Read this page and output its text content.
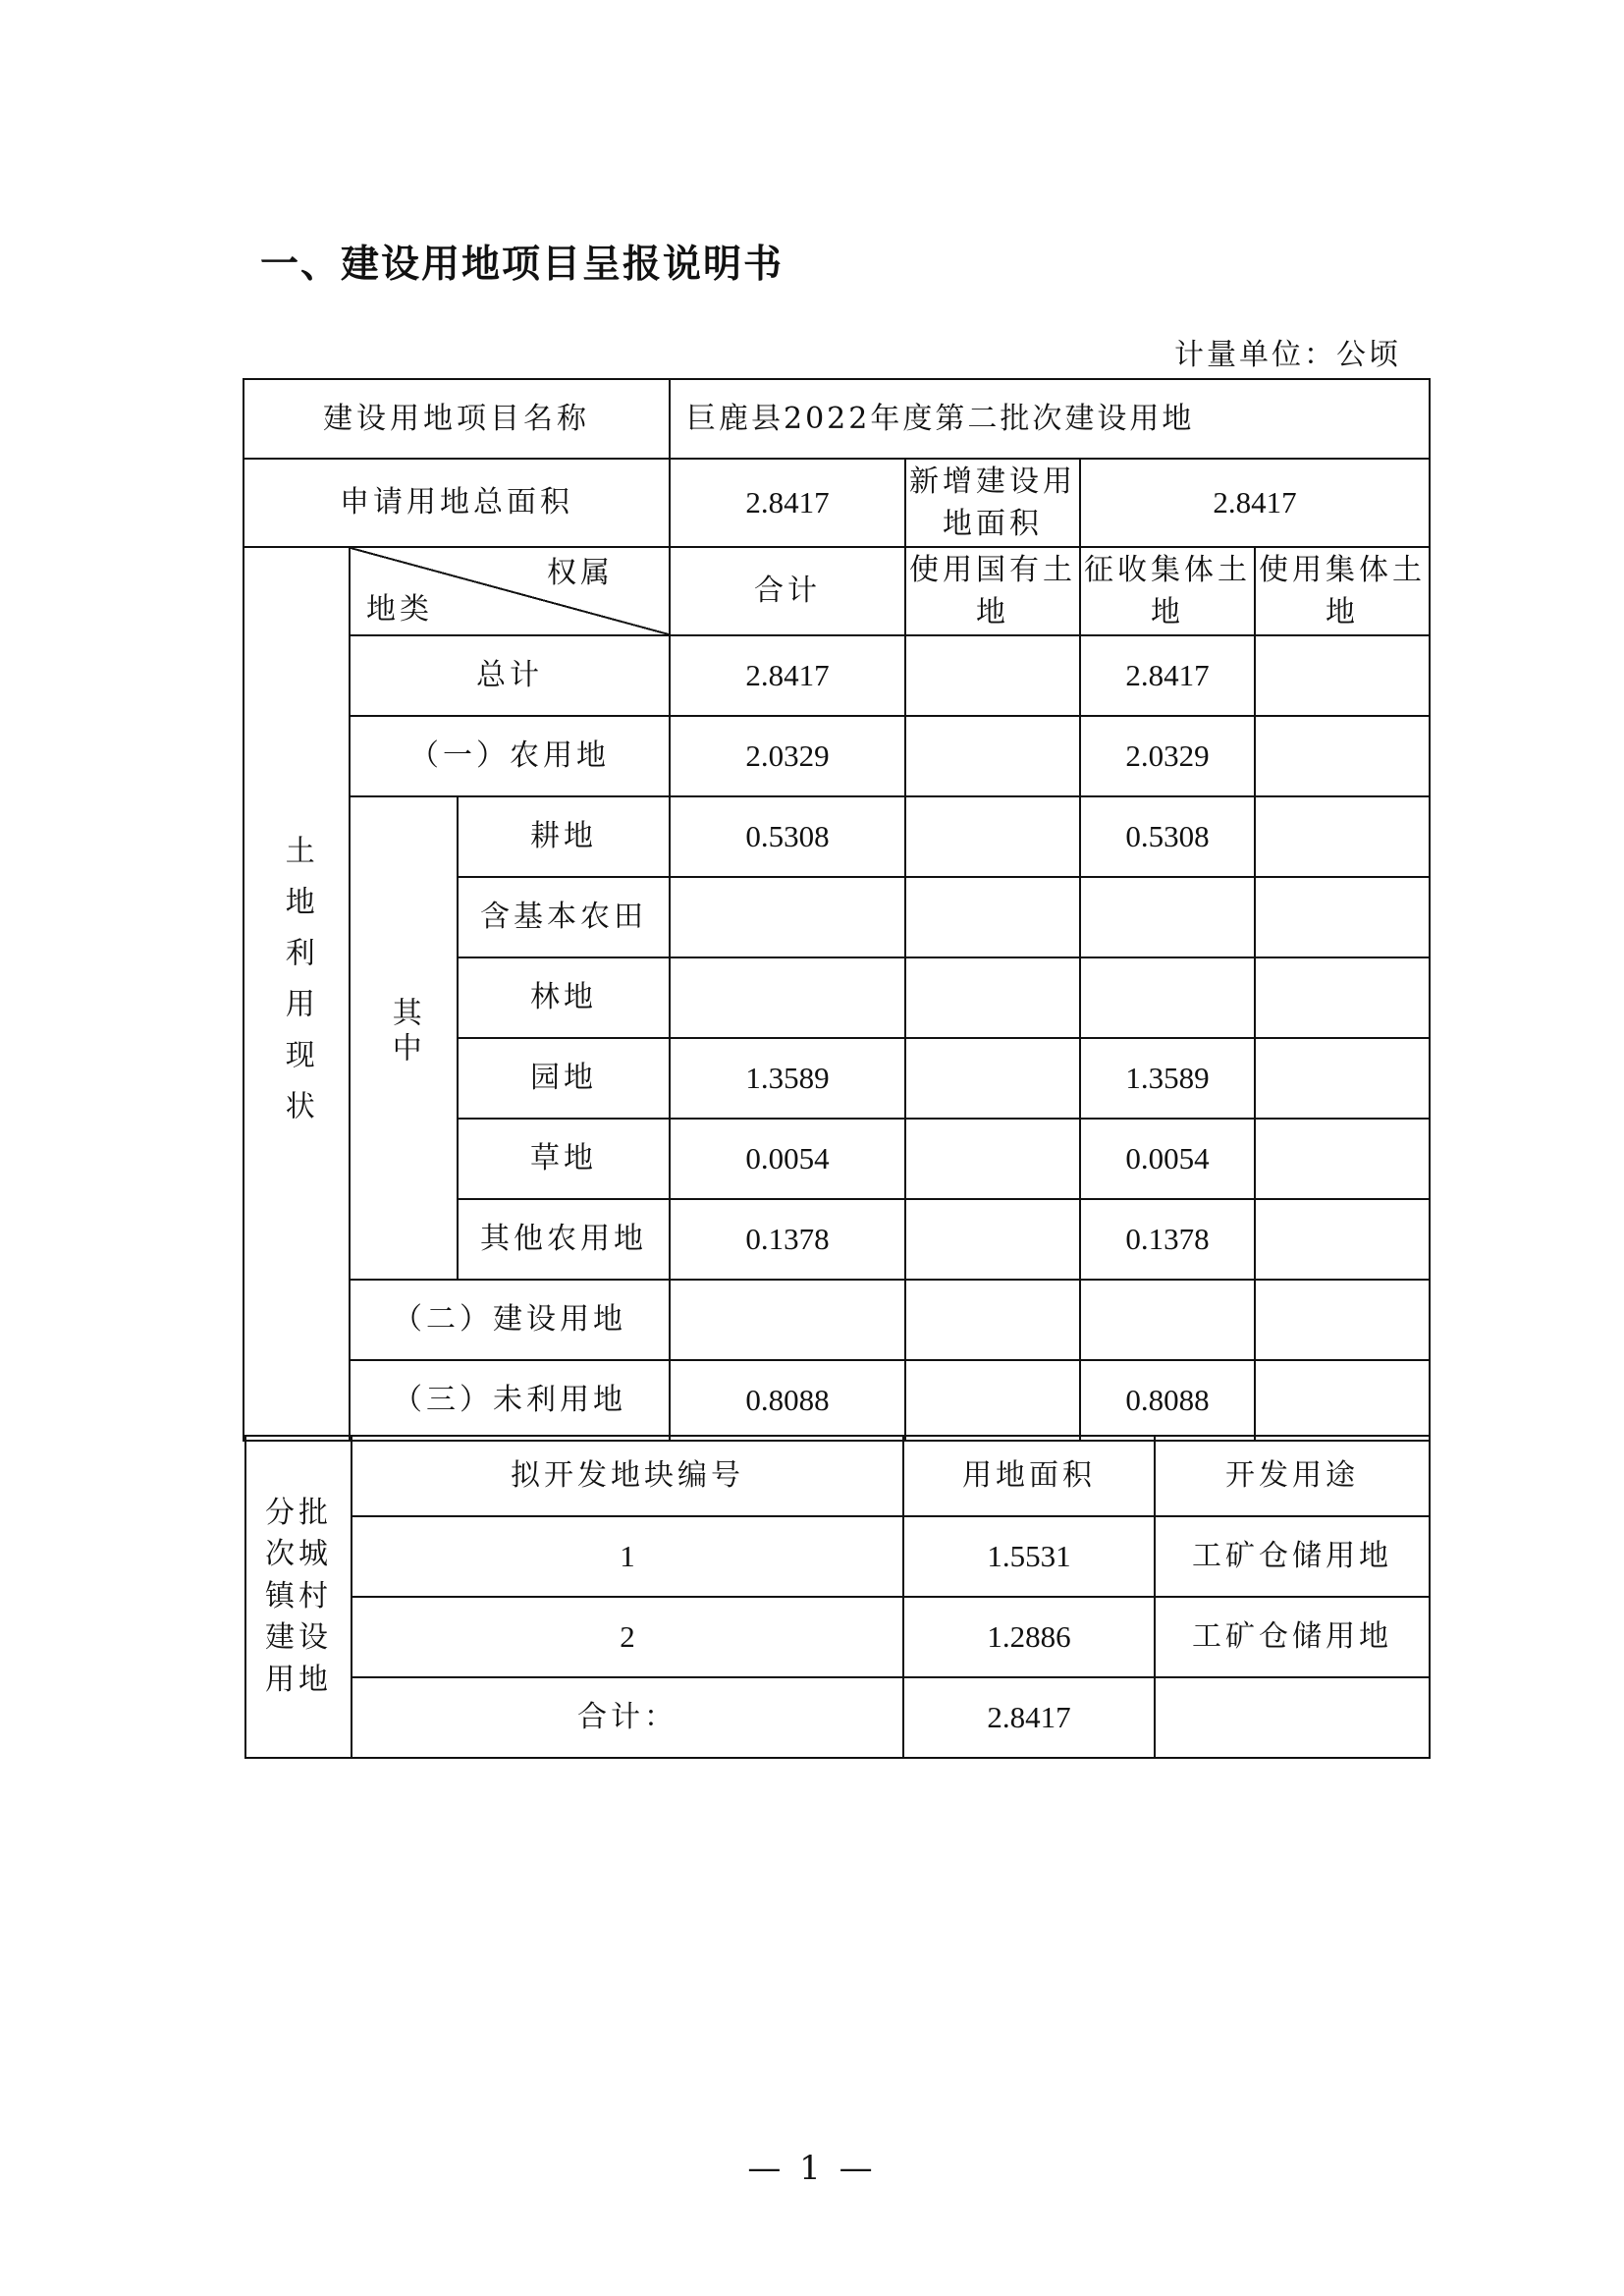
一、建设用地项目呈报说明书
计量单位：公顷
建设用地项目名称			巨鹿县2022年度第二批次建设用地			
申请用地总面积			2.8417	新增建设用地面积	2.8417	
土地利用现状	权属
地类		合计	使用国有土地	征收集体土地	使用集体土地
	总计		2.8417		2.8417	
	（一）农用地		2.0329		2.0329	
	其中	耕地	0.5308		0.5308	
		含基本农田				
		林地				
		园地	1.3589		1.3589	
		草地	0.0054		0.0054	
		其他农用地	0.1378		0.1378	
	（二）建设用地					
	（三）未利用地		0.8088		0.8088	
分批次城镇村建设用地	拟开发地块编号	用地面积	开发用途
	1	1.5531	工矿仓储用地
	2	1.2886	工矿仓储用地
	合计：	2.8417	
— 1 —
